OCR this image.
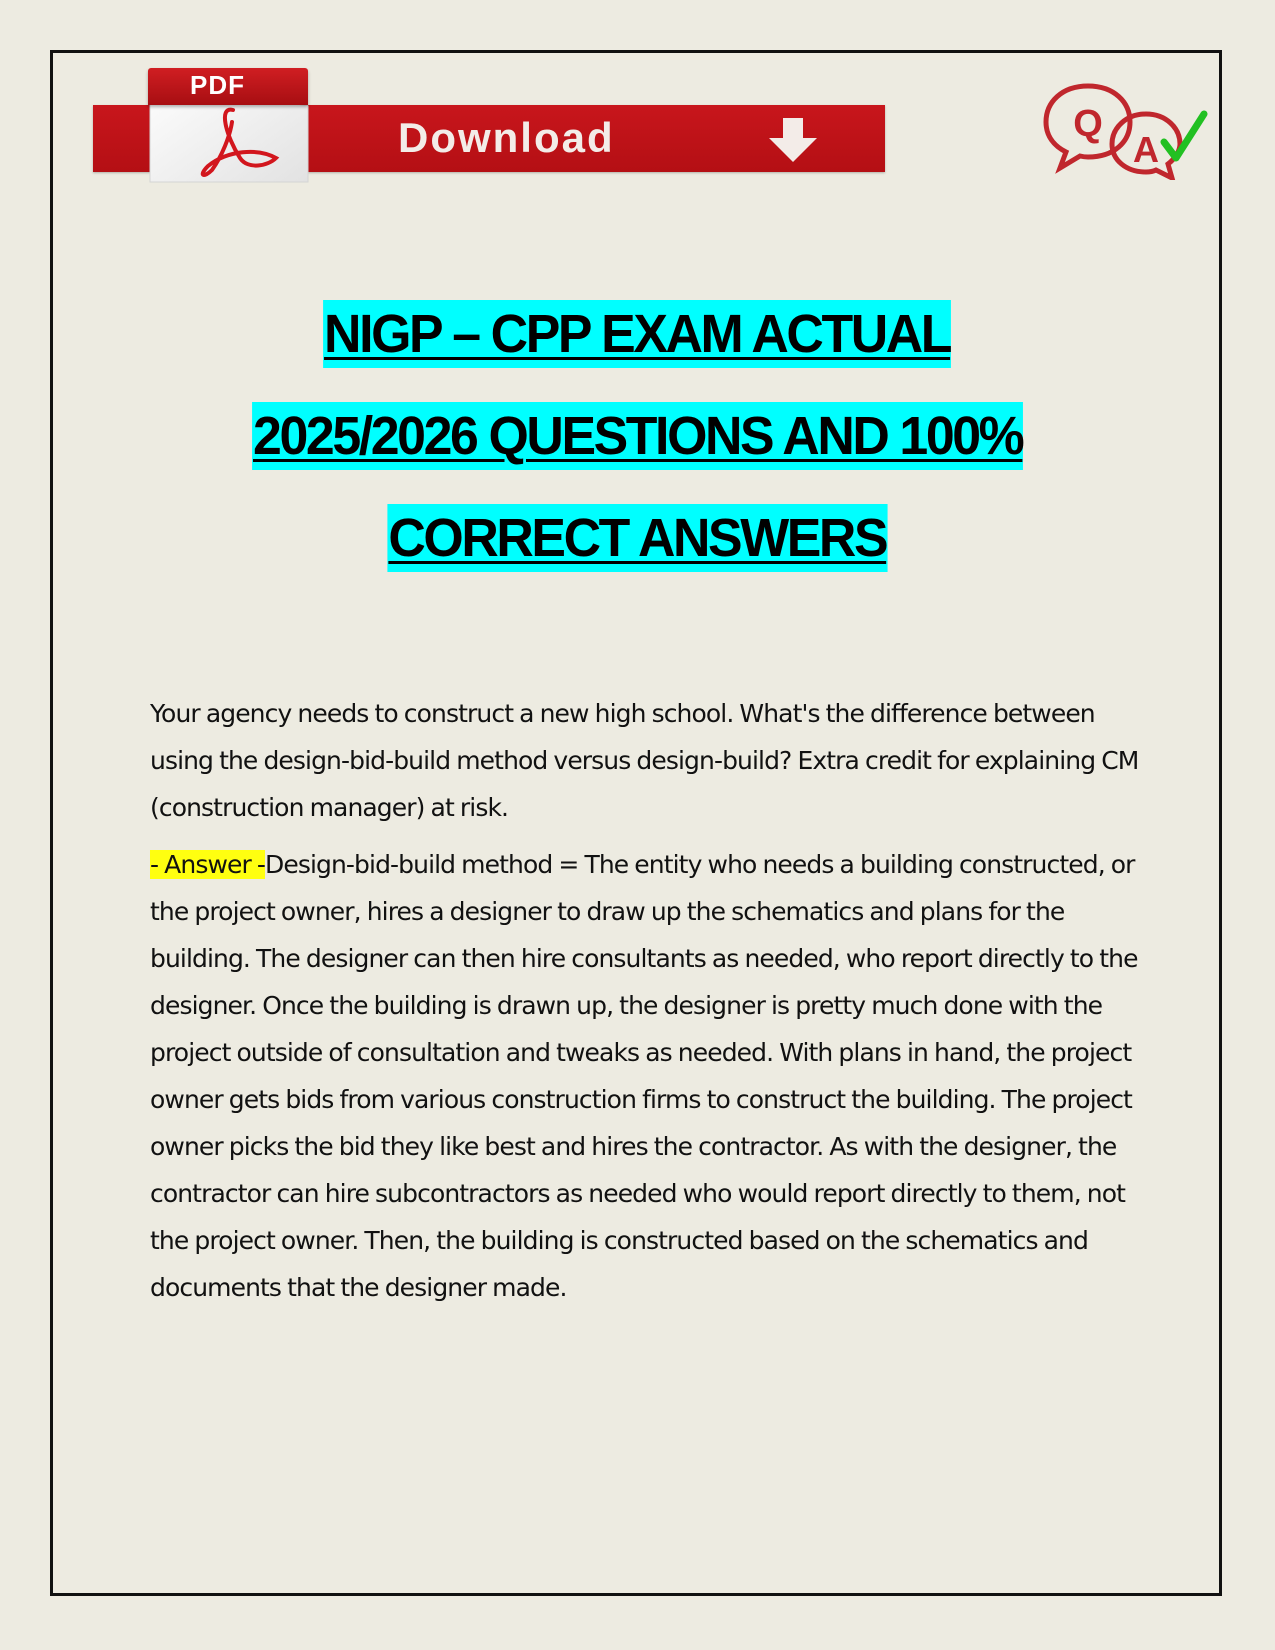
Download
PDF
Q
A
NIGP – CPP EXAM ACTUAL
2025/2026 QUESTIONS AND 100%
CORRECT ANSWERS

Your agency needs to construct a new high school. What's the difference between using the design-bid-build method versus design-build? Extra credit for explaining CM (construction manager) at risk.

- Answer -Design-bid-build method = The entity who needs a building constructed, or the project owner, hires a designer to draw up the schematics and plans for the building. The designer can then hire consultants as needed, who report directly to the designer. Once the building is drawn up, the designer is pretty much done with the project outside of consultation and tweaks as needed. With plans in hand, the project owner gets bids from various construction firms to construct the building. The project owner picks the bid they like best and hires the contractor. As with the designer, the contractor can hire subcontractors as needed who would report directly to them, not the project owner. Then, the building is constructed based on the schematics and documents that the designer made.
